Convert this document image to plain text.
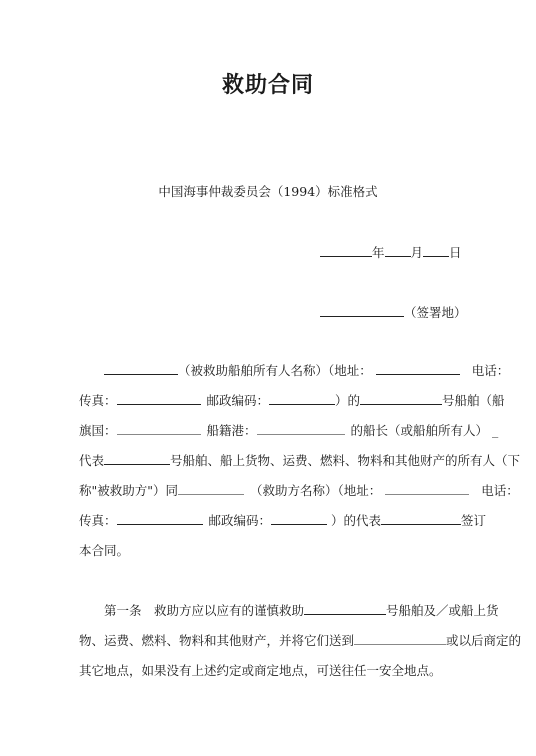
救助合同
中国海事仲裁委员会（1994）标准格式
年 月 日
（签署地）
（被救助船舶所有人名称）（地址：	电话：
传真：	邮政编码：	）的	号船舶（船
旗国：	船籍港：	的船长（或船舶所有人） _
代表	号船舶、船上货物、运费、燃料、物料和其他财产的所有人（下
称"被救助方"）同	（救助方名称）（地址：	电话：
传真：	邮政编码：	）的代表	签订
本合同。
第一条　救助方应以应有的谨慎救助	号船舶及／或船上货
物、运费、燃料、物料和其他财产，并将它们送到	或以后商定的
其它地点，如果没有上述约定或商定地点，可送往任一安全地点。
